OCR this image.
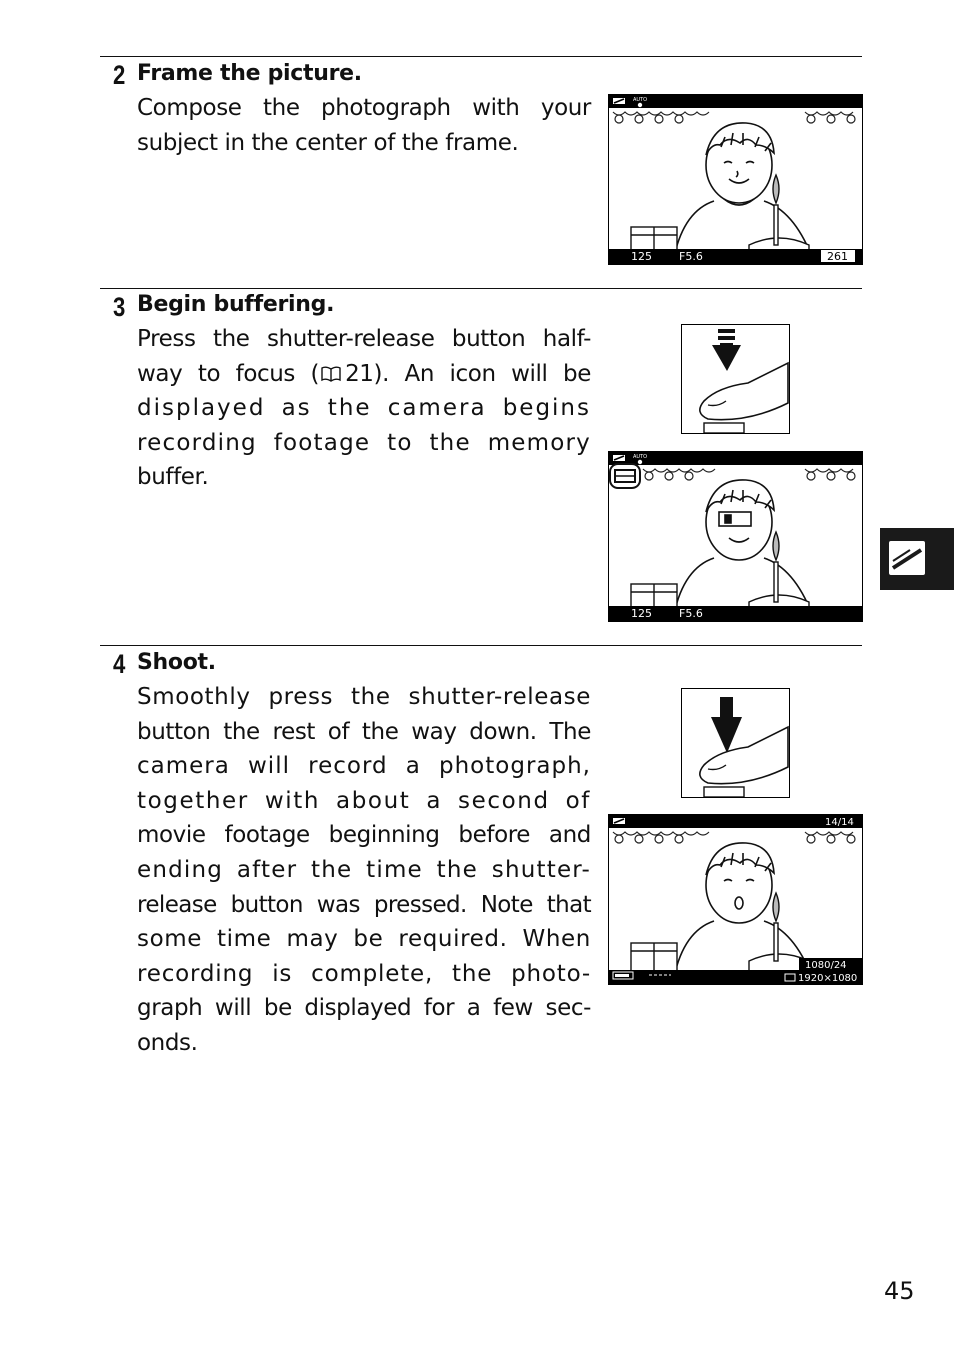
2 Frame the picture.
Compose the photograph with your
subject in the center of the frame.
AUTO
125 F5.6	261
3 Begin buffering.
Press the shutter-release button half-
way to focus ( 21). An icon will be
displayed as the camera begins
recording footage to the memory
buffer.
AUTO
125 F5.6
4 Shoot.
Smoothly press the shutter-release
button the rest of the way down. The
camera will record a photograph,
together with about a second of
movie footage beginning before and
ending after the time the shutter-
release button was pressed. Note that
some time may be required. When
recording is complete, the photo-
graph will be displayed for a few sec-
onds.
14/14
1080/24
1920×1080
45
